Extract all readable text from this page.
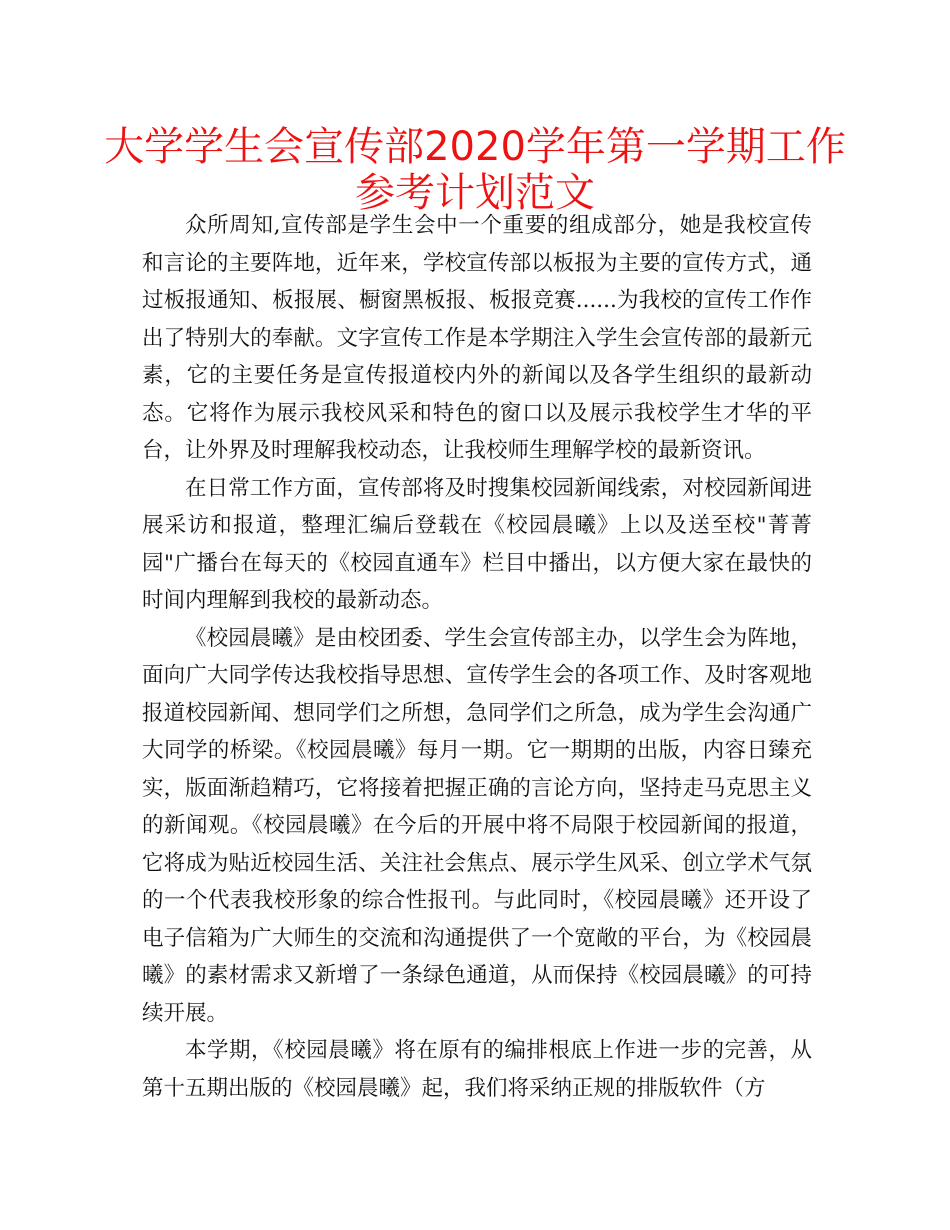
大学学生会宣传部2020学年第一学期工作
参考计划范文

众所周知,宣传部是学生会中一个重要的组成部分，她是我校宣传和言论的主要阵地，近年来，学校宣传部以板报为主要的宣传方式，通过板报通知、板报展、橱窗黑板报、板报竞赛......为我校的宣传工作作出了特别大的奉献。文字宣传工作是本学期注入学生会宣传部的最新元素，它的主要任务是宣传报道校内外的新闻以及各学生组织的最新动态。它将作为展示我校风采和特色的窗口以及展示我校学生才华的平台，让外界及时理解我校动态，让我校师生理解学校的最新资讯。

在日常工作方面，宣传部将及时搜集校园新闻线索，对校园新闻进展采访和报道，整理汇编后登载在《校园晨曦》上以及送至校"菁菁园"广播台在每天的《校园直通车》栏目中播出，以方便大家在最快的时间内理解到我校的最新动态。

《校园晨曦》是由校团委、学生会宣传部主办，以学生会为阵地，面向广大同学传达我校指导思想、宣传学生会的各项工作、及时客观地报道校园新闻、想同学们之所想，急同学们之所急，成为学生会沟通广大同学的桥梁。《校园晨曦》每月一期。它一期期的出版，内容日臻充实，版面渐趋精巧，它将接着把握正确的言论方向，坚持走马克思主义的新闻观。《校园晨曦》在今后的开展中将不局限于校园新闻的报道，它将成为贴近校园生活、关注社会焦点、展示学生风采、创立学术气氛的一个代表我校形象的综合性报刊。与此同时，《校园晨曦》还开设了电子信箱为广大师生的交流和沟通提供了一个宽敞的平台，为《校园晨曦》的素材需求又新增了一条绿色通道，从而保持《校园晨曦》的可持续开展。

本学期，《校园晨曦》将在原有的编排根底上作进一步的完善，从第十五期出版的《校园晨曦》起，我们将采纳正规的排版软件（方
